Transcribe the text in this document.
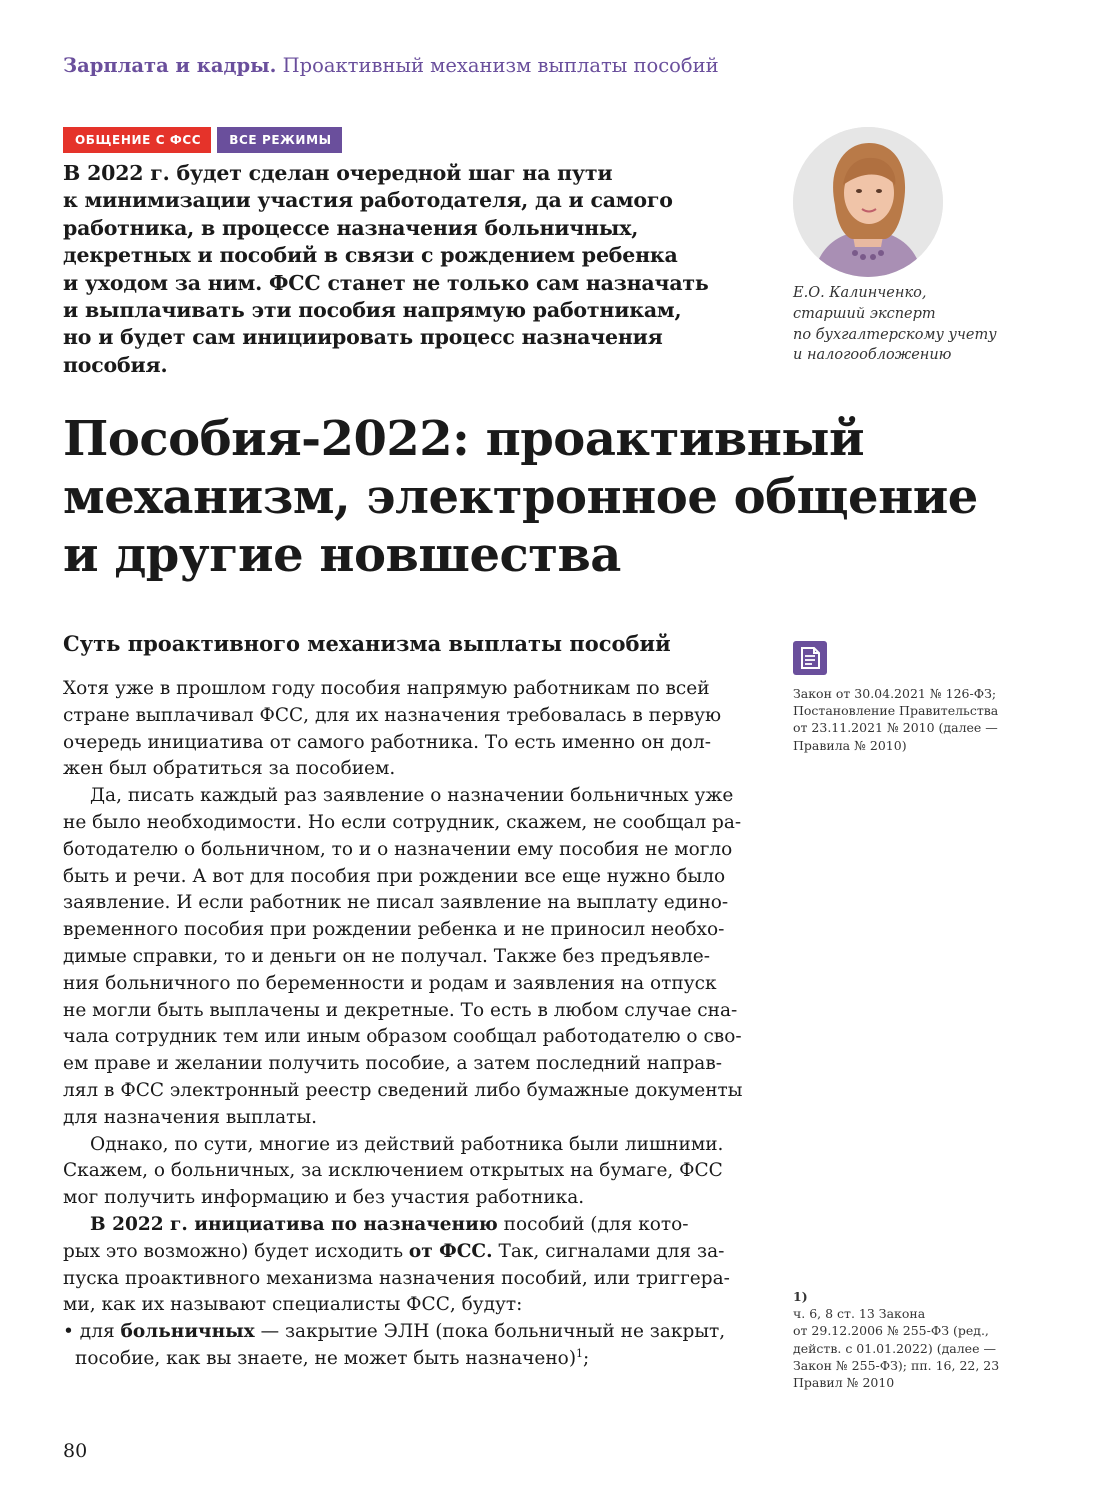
Зарплата и кадры. Проактивный механизм выплаты пособий
ОБЩЕНИЕ С ФСС	ВСЕ РЕЖИМЫ
В 2022 г. будет сделан очередной шаг на пути
к минимизации участия работодателя, да и самого
работника, в процессе назначения больничных,
декретных и пособий в связи с рождением ребенка
и уходом за ним. ФСС станет не только сам назначать
и выплачивать эти пособия напрямую работникам,
но и будет сам инициировать процесс назначения
пособия.
Е.О. Калинченко,
старший эксперт
по бухгалтерскому учету
и налогообложению
Пособия-2022: проактивный
механизм, электронное общение
и другие новшества
Суть проактивного механизма выплаты пособий
Закон от 30.04.2021 № 126-ФЗ;
Постановление Правительства
от 23.11.2021 № 2010 (далее —
Правила № 2010)
Хотя уже в прошлом году пособия напрямую работникам по всей
стране выплачивал ФСС, для их назначения требовалась в первую
очередь инициатива от самого работника. То есть именно он дол-
жен был обратиться за пособием.
Да, писать каждый раз заявление о назначении больничных уже
не было необходимости. Но если сотрудник, скажем, не сообщал ра-
ботодателю о больничном, то и о назначении ему пособия не могло
быть и речи. А вот для пособия при рождении все еще нужно было
заявление. И если работник не писал заявление на выплату едино-
временного пособия при рождении ребенка и не приносил необхо-
димые справки, то и деньги он не получал. Также без предъявле-
ния больничного по беременности и родам и заявления на отпуск
не могли быть выплачены и декретные. То есть в любом случае сна-
чала сотрудник тем или иным образом сообщал работодателю о сво-
ем праве и желании получить пособие, а затем последний направ-
лял в ФСС электронный реестр сведений либо бумажные документы
для назначения выплаты.
Однако, по сути, многие из действий работника были лишними.
Скажем, о больничных, за исключением открытых на бумаге, ФСС
мог получить информацию и без участия работника.
В 2022 г. инициатива по назначению пособий (для кото-
рых это возможно) будет исходить от ФСС. Так, сигналами для за-
пуска проактивного механизма назначения пособий, или триггера-
ми, как их называют специалисты ФСС, будут:
• для больничных — закрытие ЭЛН (пока больничный не закрыт,
пособие, как вы знаете, не может быть назначено)$^1$;
1)
ч. 6, 8 ст. 13 Закона
от 29.12.2006 № 255-ФЗ (ред.,
действ. с 01.01.2022) (далее —
Закон № 255-ФЗ); пп. 16, 22, 23
Правил № 2010
80
